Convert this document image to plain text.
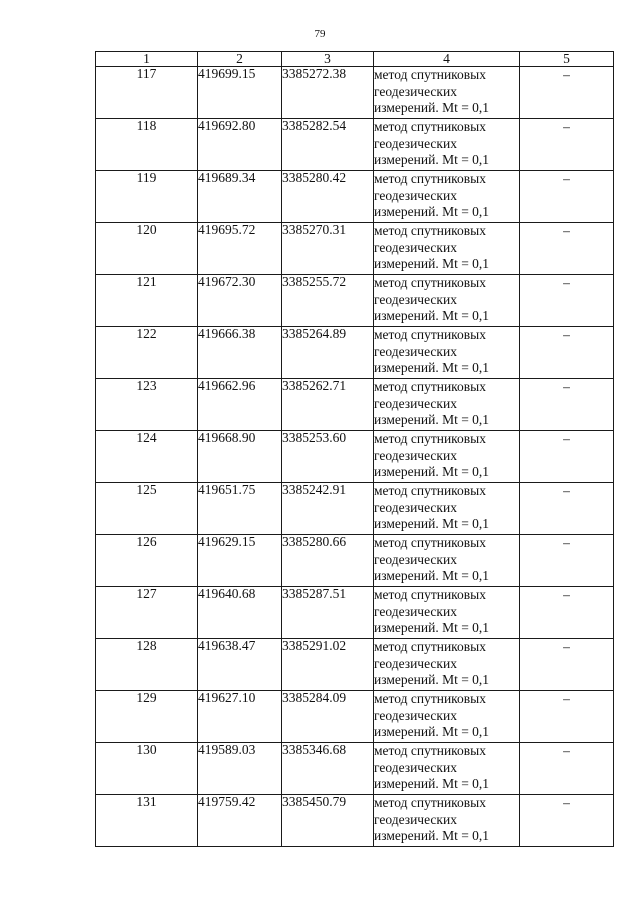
79
1	2	3	4	5
117	419699.15	3385272.38	метод спутниковых
геодезических
измерений. Mt = 0,1	–
118	419692.80	3385282.54	метод спутниковых
геодезических
измерений. Mt = 0,1	–
119	419689.34	3385280.42	метод спутниковых
геодезических
измерений. Mt = 0,1	–
120	419695.72	3385270.31	метод спутниковых
геодезических
измерений. Mt = 0,1	–
121	419672.30	3385255.72	метод спутниковых
геодезических
измерений. Mt = 0,1	–
122	419666.38	3385264.89	метод спутниковых
геодезических
измерений. Mt = 0,1	–
123	419662.96	3385262.71	метод спутниковых
геодезических
измерений. Mt = 0,1	–
124	419668.90	3385253.60	метод спутниковых
геодезических
измерений. Mt = 0,1	–
125	419651.75	3385242.91	метод спутниковых
геодезических
измерений. Mt = 0,1	–
126	419629.15	3385280.66	метод спутниковых
геодезических
измерений. Mt = 0,1	–
127	419640.68	3385287.51	метод спутниковых
геодезических
измерений. Mt = 0,1	–
128	419638.47	3385291.02	метод спутниковых
геодезических
измерений. Mt = 0,1	–
129	419627.10	3385284.09	метод спутниковых
геодезических
измерений. Mt = 0,1	–
130	419589.03	3385346.68	метод спутниковых
геодезических
измерений. Mt = 0,1	–
131	419759.42	3385450.79	метод спутниковых
геодезических
измерений. Mt = 0,1	–
